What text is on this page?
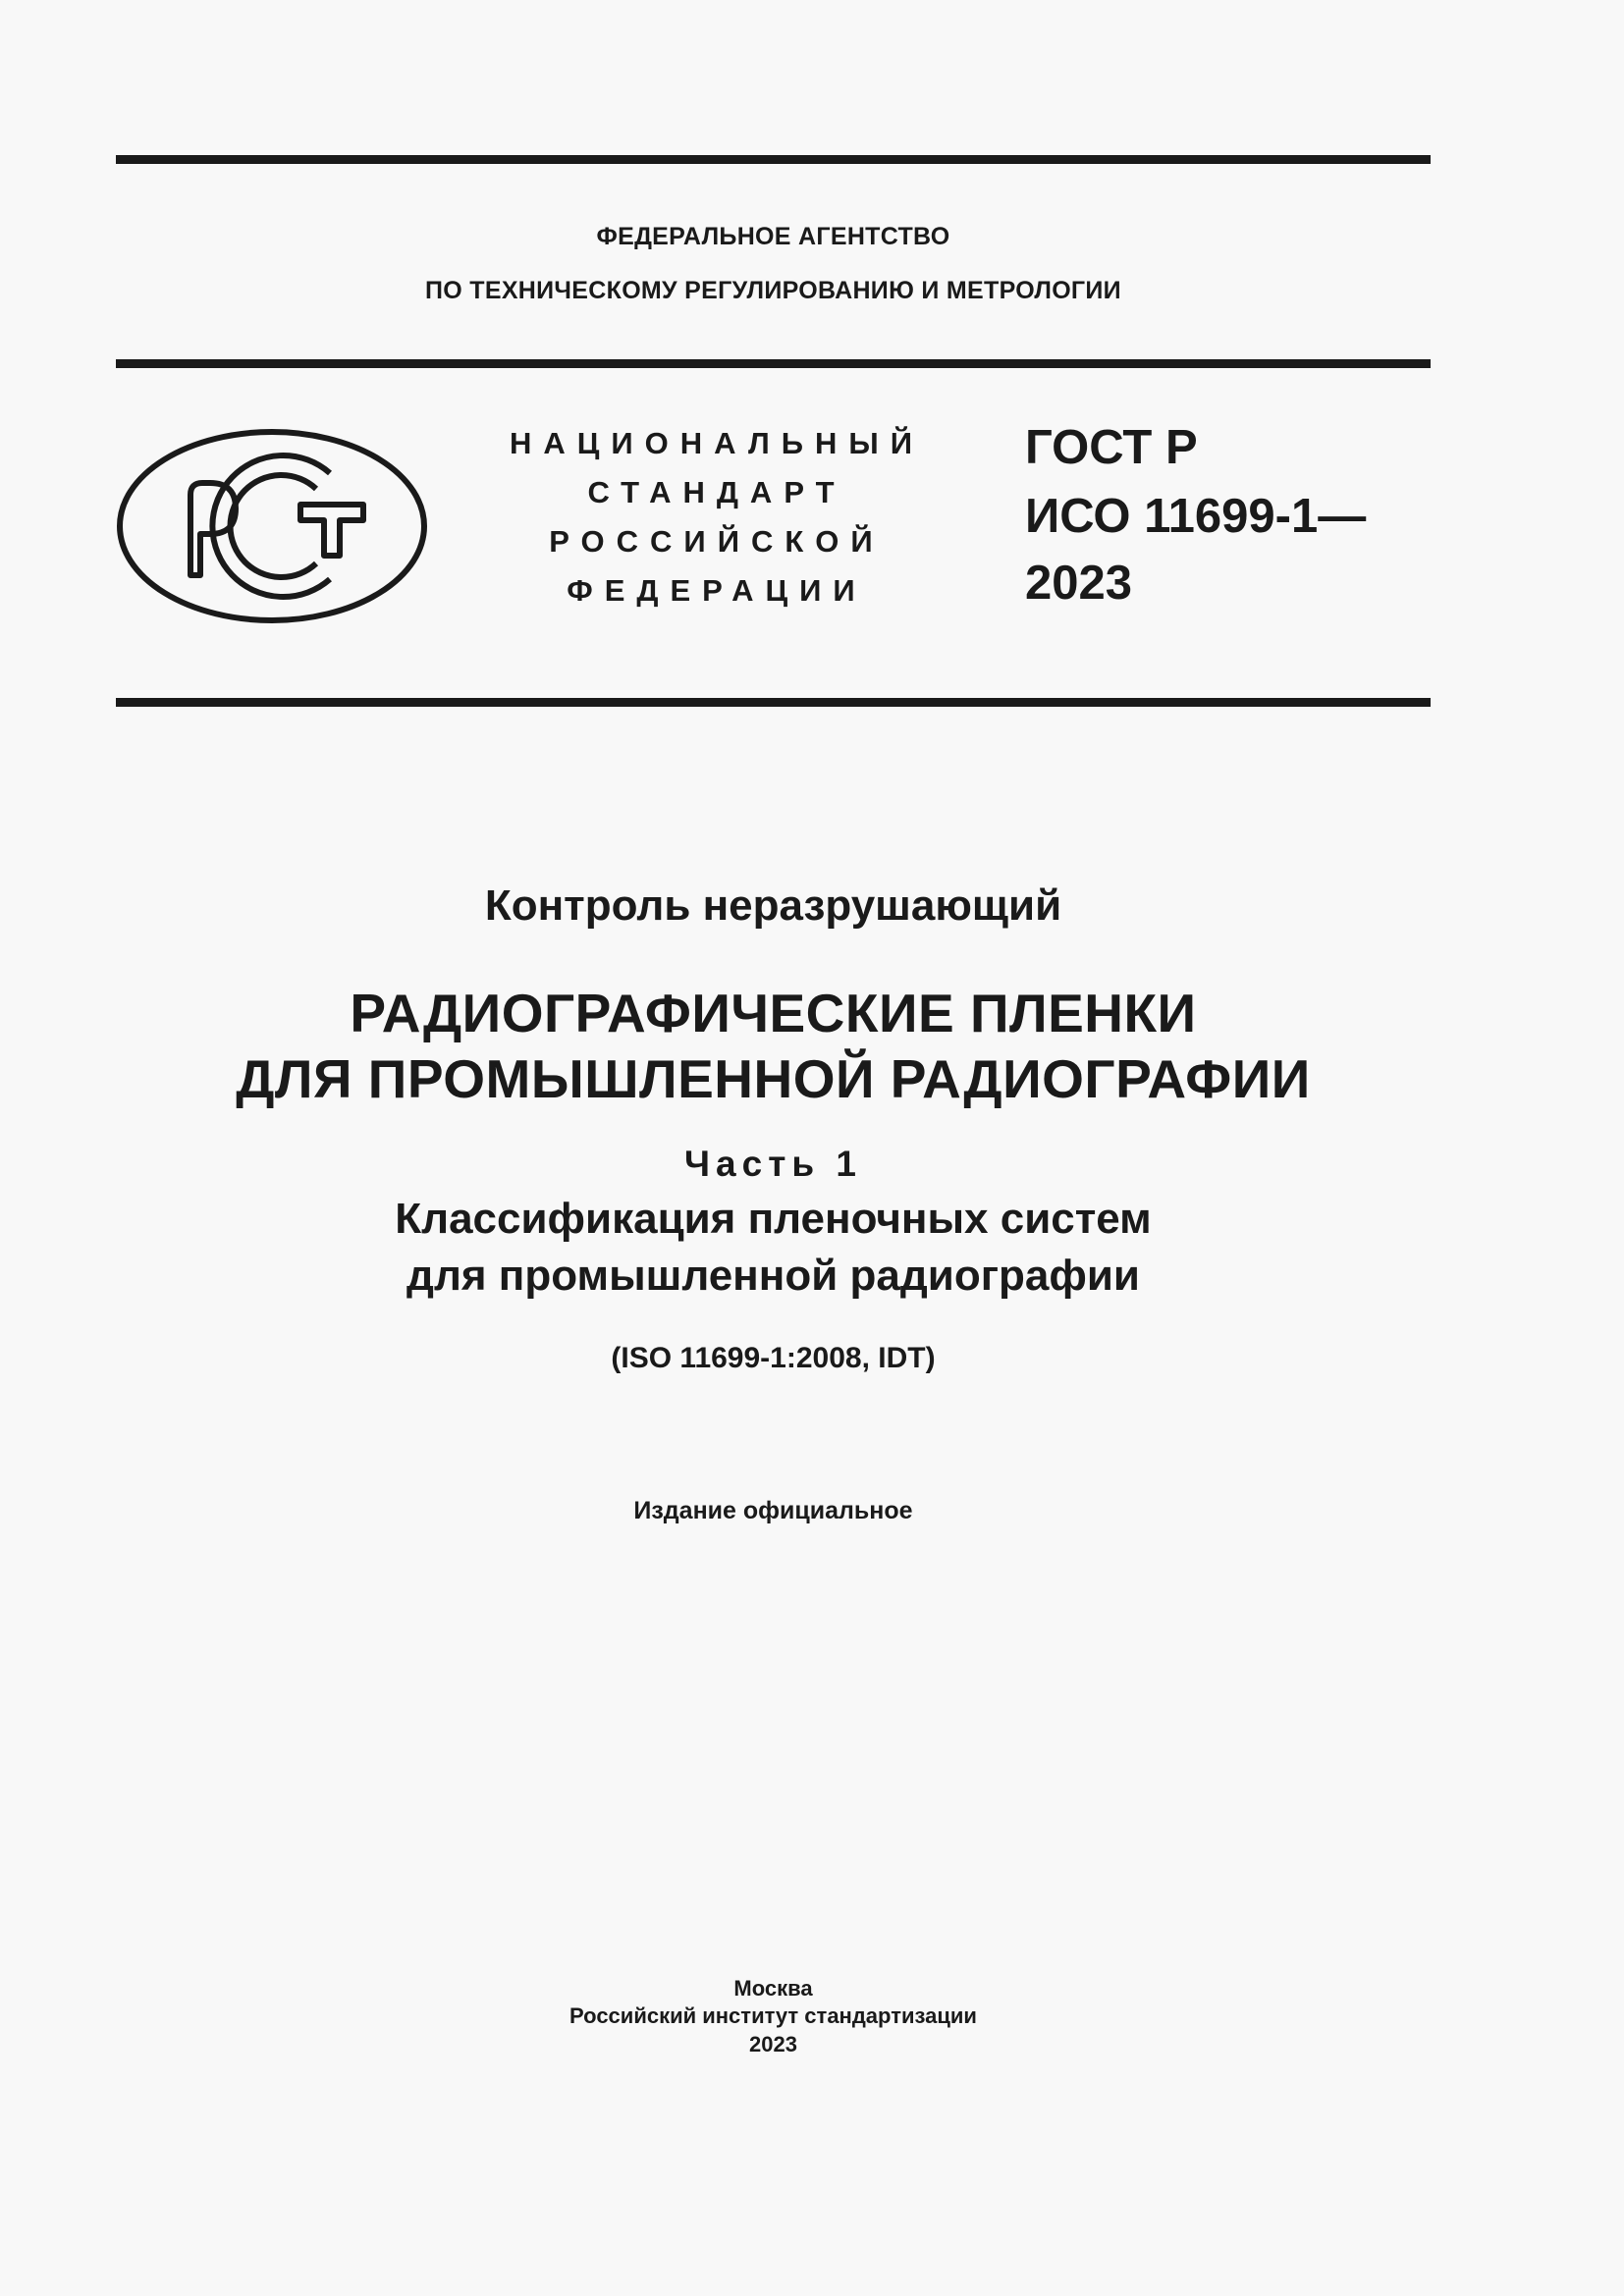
ФЕДЕРАЛЬНОЕ АГЕНТСТВО
ПО ТЕХНИЧЕСКОМУ РЕГУЛИРОВАНИЮ И МЕТРОЛОГИИ
НАЦИОНАЛЬНЫЙ
СТАНДАРТ
РОССИЙСКОЙ
ФЕДЕРАЦИИ
ГОСТ Р
ИСО 11699-1—
2023
Контроль неразрушающий
РАДИОГРАФИЧЕСКИЕ ПЛЕНКИ
ДЛЯ ПРОМЫШЛЕННОЙ РАДИОГРАФИИ
Часть 1
Классификация пленочных систем
для промышленной радиографии
(ISO 11699-1:2008, IDT)
Издание официальное
Москва
Российский институт стандартизации
2023
